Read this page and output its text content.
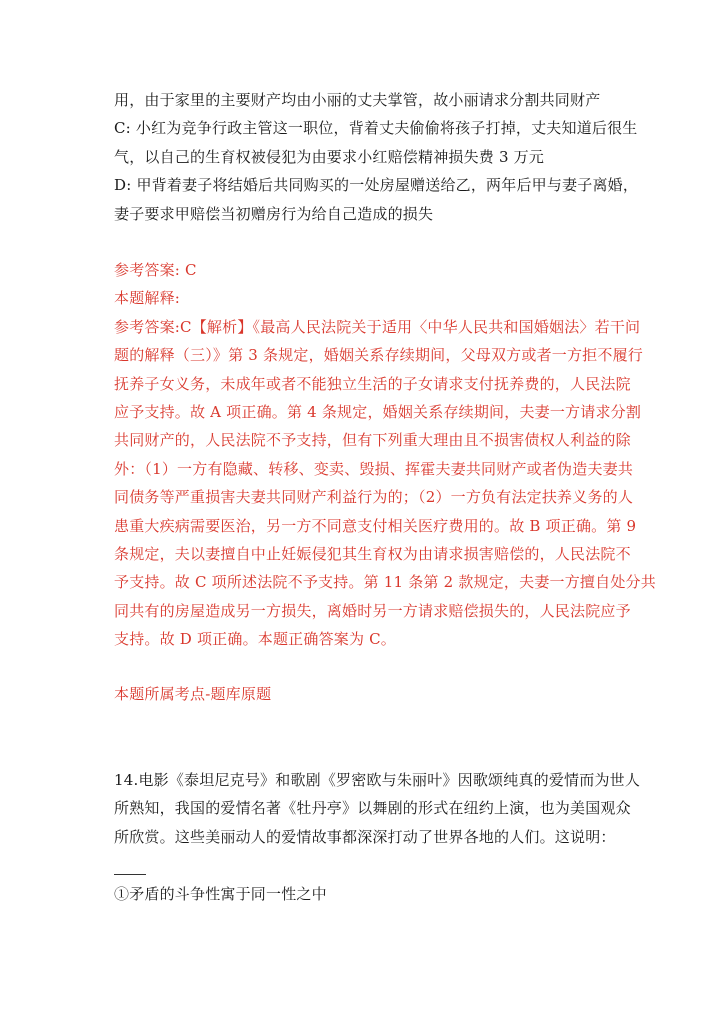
用，由于家里的主要财产均由小丽的丈夫掌管，故小丽请求分割共同财产
C: 小红为竞争行政主管这一职位，背着丈夫偷偷将孩子打掉，丈夫知道后很生
气，以自己的生育权被侵犯为由要求小红赔偿精神损失费 3 万元
D: 甲背着妻子将结婚后共同购买的一处房屋赠送给乙，两年后甲与妻子离婚，
妻子要求甲赔偿当初赠房行为给自己造成的损失
参考答案: C
本题解释:
参考答案:C【解析】《最高人民法院关于适用〈中华人民共和国婚姻法〉若干问
题的解释（三）》第 3 条规定，婚姻关系存续期间，父母双方或者一方拒不履行
抚养子女义务，未成年或者不能独立生活的子女请求支付抚养费的，人民法院
应予支持。故 A 项正确。第 4 条规定，婚姻关系存续期间，夫妻一方请求分割
共同财产的，人民法院不予支持，但有下列重大理由且不损害债权人利益的除
外：（1）一方有隐藏、转移、变卖、毁损、挥霍夫妻共同财产或者伪造夫妻共
同债务等严重损害夫妻共同财产利益行为的；（2）一方负有法定扶养义务的人
患重大疾病需要医治，另一方不同意支付相关医疗费用的。故 B 项正确。第 9
条规定，夫以妻擅自中止妊娠侵犯其生育权为由请求损害赔偿的，人民法院不
予支持。故 C 项所述法院不予支持。第 11 条第 2 款规定，夫妻一方擅自处分共
同共有的房屋造成另一方损失，离婚时另一方请求赔偿损失的，人民法院应予
支持。故 D 项正确。本题正确答案为 C。
本题所属考点-题库原题
14.电影《泰坦尼克号》和歌剧《罗密欧与朱丽叶》因歌颂纯真的爱情而为世人
所熟知，我国的爱情名著《牡丹亭》以舞剧的形式在纽约上演，也为美国观众
所欣赏。这些美丽动人的爱情故事都深深打动了世界各地的人们。这说明：
①矛盾的斗争性寓于同一性之中
